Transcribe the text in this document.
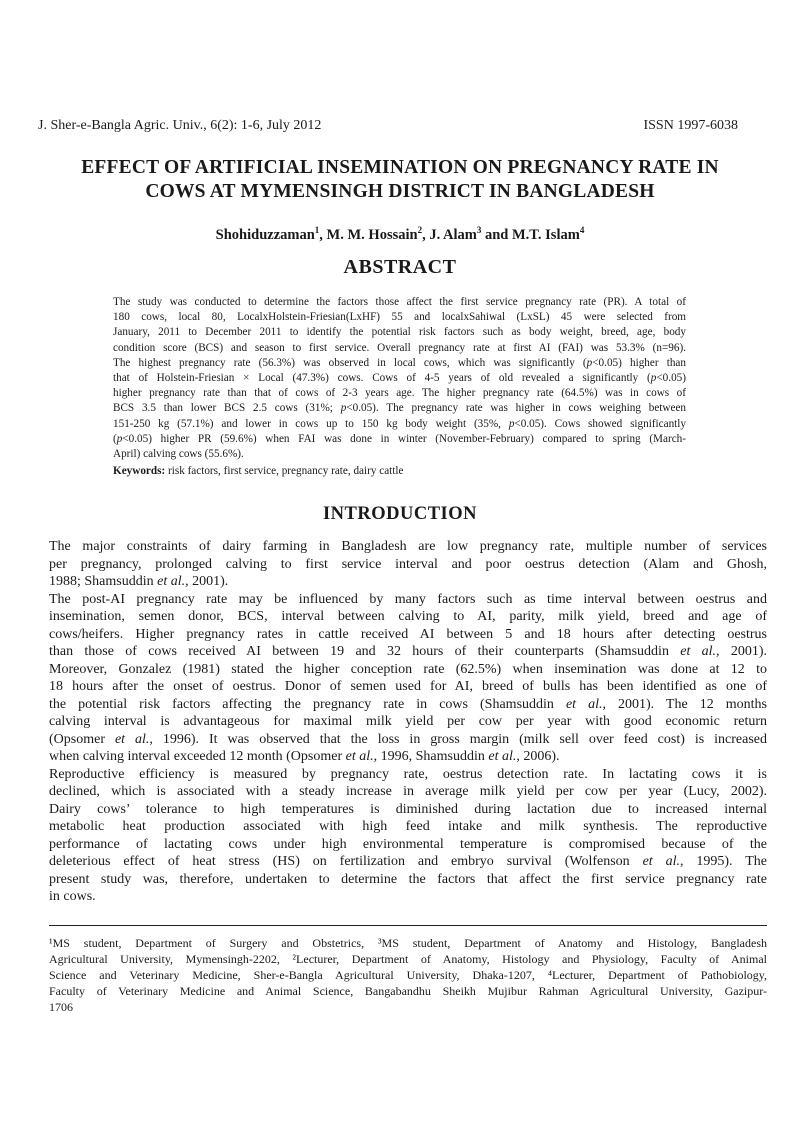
J. Sher-e-Bangla Agric. Univ., 6(2): 1-6, July 2012	ISSN 1997-6038
EFFECT OF ARTIFICIAL INSEMINATION ON PREGNANCY RATE IN
COWS AT MYMENSINGH DISTRICT IN BANGLADESH
Shohiduzzaman$^1$, M. M. Hossain$^2$, J. Alam$^3$ and M.T. Islam$^4$
ABSTRACT
The study was conducted to determine the factors those affect the first service pregnancy rate (PR). A total of
180 cows, local 80, LocalxHolstein-Friesian(LxHF) 55 and localxSahiwal (LxSL) 45 were selected from
January, 2011 to December 2011 to identify the potential risk factors such as body weight, breed, age, body
condition score (BCS) and season to first service. Overall pregnancy rate at first AI (FAI) was 53.3% (n=96).
The highest pregnancy rate (56.3%) was observed in local cows, which was significantly (p<0.05) higher than
that of Holstein-Friesian × Local (47.3%) cows. Cows of 4-5 years of old revealed a significantly (p<0.05)
higher pregnancy rate than that of cows of 2-3 years age. The higher pregnancy rate (64.5%) was in cows of
BCS 3.5 than lower BCS 2.5 cows (31%; p<0.05). The pregnancy rate was higher in cows weighing between
151-250 kg (57.1%) and lower in cows up to 150 kg body weight (35%, p<0.05). Cows showed significantly
(p<0.05) higher PR (59.6%) when FAI was done in winter (November-February) compared to spring (March-
April) calving cows (55.6%).
Keywords: risk factors, first service, pregnancy rate, dairy cattle
INTRODUCTION
The major constraints of dairy farming in Bangladesh are low pregnancy rate, multiple number of services
per pregnancy, prolonged calving to first service interval and poor oestrus detection (Alam and Ghosh,
1988; Shamsuddin et al., 2001).
The post-AI pregnancy rate may be influenced by many factors such as time interval between oestrus and
insemination, semen donor, BCS, interval between calving to AI, parity, milk yield, breed and age of
cows/heifers. Higher pregnancy rates in cattle received AI between 5 and 18 hours after detecting oestrus
than those of cows received AI between 19 and 32 hours of their counterparts (Shamsuddin et al., 2001).
Moreover, Gonzalez (1981) stated the higher conception rate (62.5%) when insemination was done at 12 to
18 hours after the onset of oestrus. Donor of semen used for AI, breed of bulls has been identified as one of
the potential risk factors affecting the pregnancy rate in cows (Shamsuddin et al., 2001). The 12 months
calving interval is advantageous for maximal milk yield per cow per year with good economic return
(Opsomer et al., 1996). It was observed that the loss in gross margin (milk sell over feed cost) is increased
when calving interval exceeded 12 month (Opsomer et al., 1996, Shamsuddin et al., 2006).
Reproductive efficiency is measured by pregnancy rate, oestrus detection rate. In lactating cows it is
declined, which is associated with a steady increase in average milk yield per cow per year (Lucy, 2002).
Dairy cows’ tolerance to high temperatures is diminished during lactation due to increased internal
metabolic heat production associated with high feed intake and milk synthesis. The reproductive
performance of lactating cows under high environmental temperature is compromised because of the
deleterious effect of heat stress (HS) on fertilization and embryo survival (Wolfenson et al., 1995). The
present study was, therefore, undertaken to determine the factors that affect the first service pregnancy rate
in cows.
¹MS student, Department of Surgery and Obstetrics, ³MS student, Department of Anatomy and Histology, Bangladesh
Agricultural University, Mymensingh-2202, ²Lecturer, Department of Anatomy, Histology and Physiology, Faculty of Animal
Science and Veterinary Medicine, Sher-e-Bangla Agricultural University, Dhaka-1207, ⁴Lecturer, Department of Pathobiology,
Faculty of Veterinary Medicine and Animal Science, Bangabandhu Sheikh Mujibur Rahman Agricultural University, Gazipur-
1706
